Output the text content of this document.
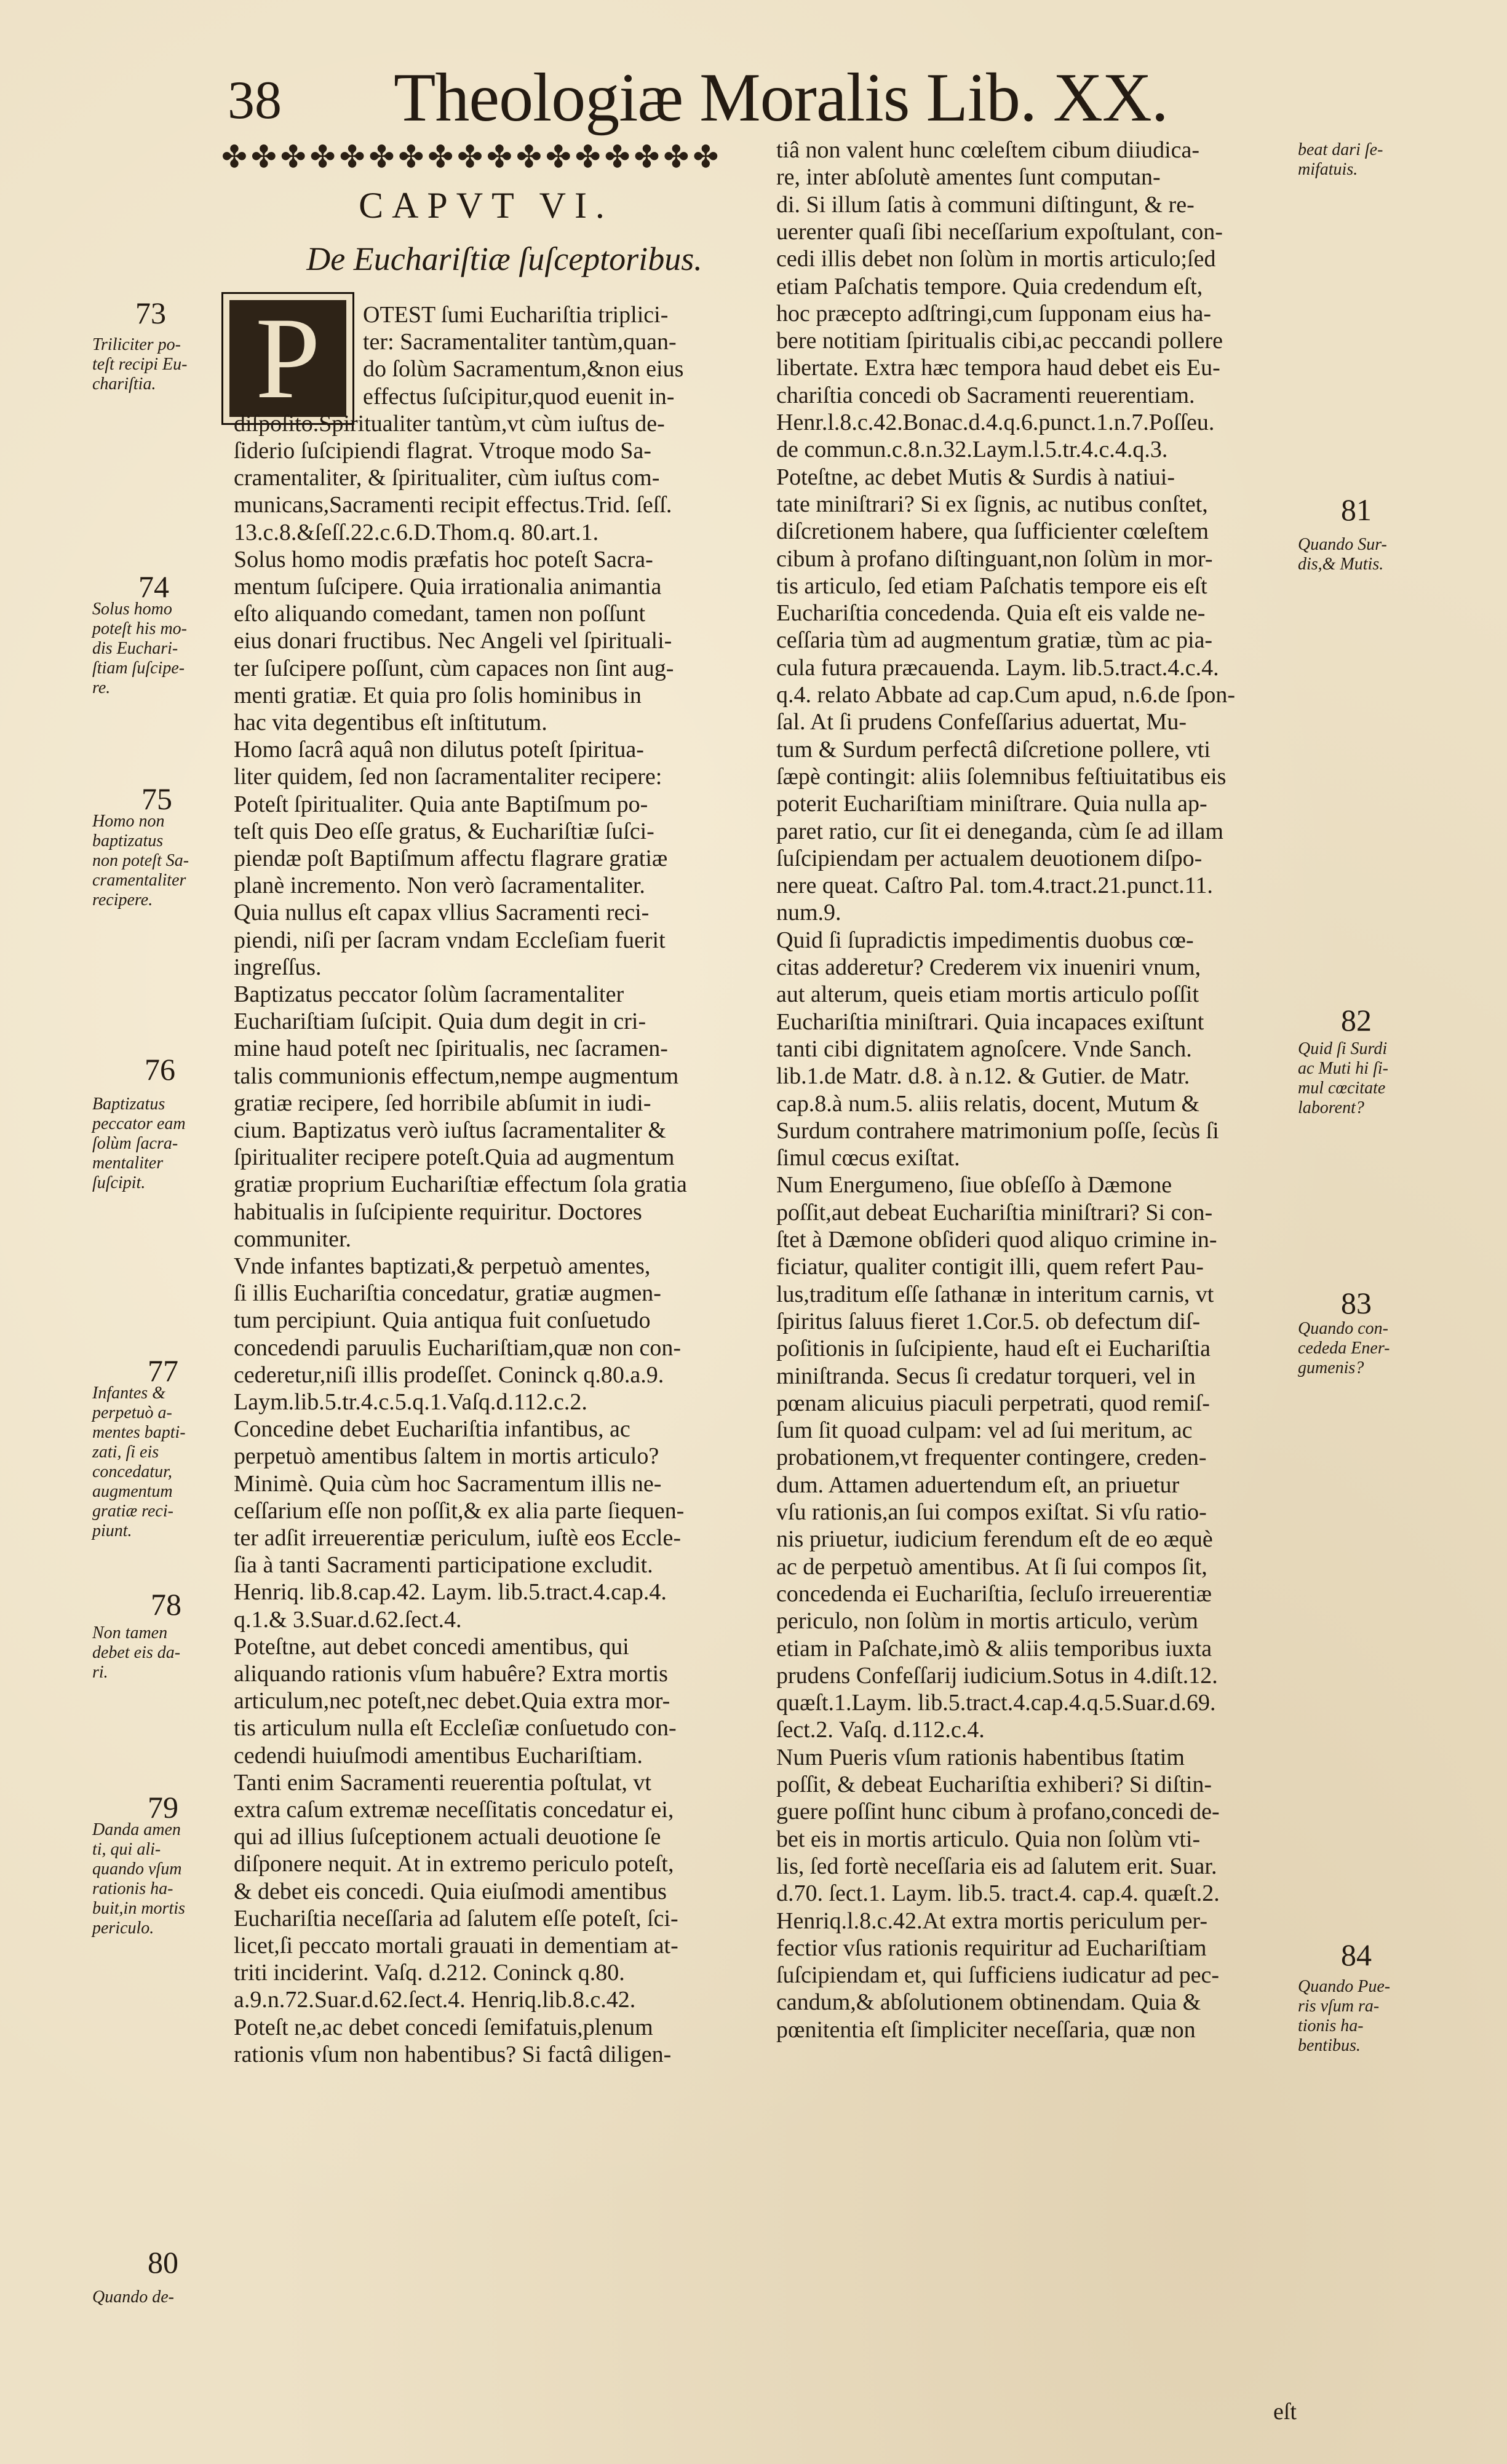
38 Theologiæ Moralis Lib. XX.
✤✤✤✤✤✤✤✤✤✤✤✤✤✤✤✤✤
CAPVT VI.
De Euchariſtiæ ſuſceptoribus.
P	OTEST ſumi Euchariſtia triplici-
ter: Sacramentaliter tantùm,quan-
do ſolùm Sacramentum,&non eius
effectus ſuſcipitur,quod euenit in-
diſpoſito.Spiritualiter tantùm,vt cùm iuſtus de-
ſiderio ſuſcipiendi flagrat. Vtroque modo Sa-
cramentaliter, & ſpiritualiter, cùm iuſtus com-
municans,Sacramenti recipit effectus.Trid. ſeſſ.
13.c.8.&ſeſſ.22.c.6.D.Thom.q. 80.art.1.
Solus homo modis præfatis hoc poteſt Sacra-
mentum ſuſcipere. Quia irrationalia animantia
eſto aliquando comedant, tamen non poſſunt
eius donari fructibus. Nec Angeli vel ſpirituali-
ter ſuſcipere poſſunt, cùm capaces non ſint aug-
menti gratiæ. Et quia pro ſolis hominibus in
hac vita degentibus eſt inſtitutum.
Homo ſacrâ aquâ non dilutus poteſt ſpiritua-
liter quidem, ſed non ſacramentaliter recipere:
Poteſt ſpiritualiter. Quia ante Baptiſmum po-
teſt quis Deo eſſe gratus, & Euchariſtiæ ſuſci-
piendæ poſt Baptiſmum affectu flagrare gratiæ
planè incremento. Non verò ſacramentaliter.
Quia nullus eſt capax vllius Sacramenti reci-
piendi, niſi per ſacram vndam Eccleſiam fuerit
ingreſſus.
Baptizatus peccator ſolùm ſacramentaliter
Euchariſtiam ſuſcipit. Quia dum degit in cri-
mine haud poteſt nec ſpiritualis, nec ſacramen-
talis communionis effectum,nempe augmentum
gratiæ recipere, ſed horribile abſumit in iudi-
cium. Baptizatus verò iuſtus ſacramentaliter &
ſpiritualiter recipere poteſt.Quia ad augmentum
gratiæ proprium Euchariſtiæ effectum ſola gratia
habitualis in ſuſcipiente requiritur. Doctores
communiter.
Vnde infantes baptizati,& perpetuò amentes,
ſi illis Euchariſtia concedatur, gratiæ augmen-
tum percipiunt. Quia antiqua fuit conſuetudo
concedendi paruulis Euchariſtiam,quæ non con-
cederetur,niſi illis prodeſſet. Coninck q.80.a.9.
Laym.lib.5.tr.4.c.5.q.1.Vaſq.d.112.c.2.
Concedine debet Euchariſtia infantibus, ac
perpetuò amentibus ſaltem in mortis articulo?
Minimè. Quia cùm hoc Sacramentum illis ne-
ceſſarium eſſe non poſſit,& ex alia parte ſiequen-
ter adſit irreuerentiæ periculum, iuſtè eos Eccle-
ſia à tanti Sacramenti participatione excludit.
Henriq. lib.8.cap.42. Laym. lib.5.tract.4.cap.4.
q.1.& 3.Suar.d.62.ſect.4.
Poteſtne, aut debet concedi amentibus, qui
aliquando rationis vſum habuêre? Extra mortis
articulum,nec poteſt,nec debet.Quia extra mor-
tis articulum nulla eſt Eccleſiæ conſuetudo con-
cedendi huiuſmodi amentibus Euchariſtiam.
Tanti enim Sacramenti reuerentia poſtulat, vt
extra caſum extremæ neceſſitatis concedatur ei,
qui ad illius ſuſceptionem actuali deuotione ſe
diſponere nequit. At in extremo periculo poteſt,
& debet eis concedi. Quia eiuſmodi amentibus
Euchariſtia neceſſaria ad ſalutem eſſe poteſt, ſci-
licet,ſi peccato mortali grauati in dementiam at-
triti inciderint. Vaſq. d.212. Coninck q.80.
a.9.n.72.Suar.d.62.ſect.4. Henriq.lib.8.c.42.
Poteſt ne,ac debet concedi ſemifatuis,plenum
rationis vſum non habentibus? Si factâ diligen-
tiâ non valent hunc cœleſtem cibum diiudica-
re, inter abſolutè amentes ſunt computan-
di. Si illum ſatis à communi diſtingunt, & re-
uerenter quaſi ſibi neceſſarium expoſtulant, con-
cedi illis debet non ſolùm in mortis articulo;ſed
etiam Paſchatis tempore. Quia credendum eſt,
hoc præcepto adſtringi,cum ſupponam eius ha-
bere notitiam ſpiritualis cibi,ac peccandi pollere
libertate. Extra hæc tempora haud debet eis Eu-
chariſtia concedi ob Sacramenti reuerentiam.
Henr.l.8.c.42.Bonac.d.4.q.6.punct.1.n.7.Poſſeu.
de commun.c.8.n.32.Laym.l.5.tr.4.c.4.q.3.
Poteſtne, ac debet Mutis & Surdis à natiui-
tate miniſtrari? Si ex ſignis, ac nutibus conſtet,
diſcretionem habere, qua ſufficienter cœleſtem
cibum à profano diſtinguant,non ſolùm in mor-
tis articulo, ſed etiam Paſchatis tempore eis eſt
Euchariſtia concedenda. Quia eſt eis valde ne-
ceſſaria tùm ad augmentum gratiæ, tùm ac pia-
cula futura præcauenda. Laym. lib.5.tract.4.c.4.
q.4. relato Abbate ad cap.Cum apud, n.6.de ſpon-
ſal. At ſi prudens Confeſſarius aduertat, Mu-
tum & Surdum perfectâ diſcretione pollere, vti
ſæpè contingit: aliis ſolemnibus feſtiuitatibus eis
poterit Euchariſtiam miniſtrare. Quia nulla ap-
paret ratio, cur ſit ei deneganda, cùm ſe ad illam
ſuſcipiendam per actualem deuotionem diſpo-
nere queat. Caſtro Pal. tom.4.tract.21.punct.11.
num.9.
Quid ſi ſupradictis impedimentis duobus cœ-
citas adderetur? Crederem vix inueniri vnum,
aut alterum, queis etiam mortis articulo poſſit
Euchariſtia miniſtrari. Quia incapaces exiſtunt
tanti cibi dignitatem agnoſcere. Vnde Sanch.
lib.1.de Matr. d.8. à n.12. & Gutier. de Matr.
cap.8.à num.5. aliis relatis, docent, Mutum &
Surdum contrahere matrimonium poſſe, ſecùs ſi
ſimul cœcus exiſtat.
Num Energumeno, ſiue obſeſſo à Dæmone
poſſit,aut debeat Euchariſtia miniſtrari? Si con-
ſtet à Dæmone obſideri quod aliquo crimine in-
ficiatur, qualiter contigit illi, quem refert Pau-
lus,traditum eſſe ſathanæ in interitum carnis, vt
ſpiritus ſaluus fieret 1.Cor.5. ob defectum diſ-
poſitionis in ſuſcipiente, haud eſt ei Euchariſtia
miniſtranda. Secus ſi credatur torqueri, vel in
pœnam alicuius piaculi perpetrati, quod remiſ-
ſum ſit quoad culpam: vel ad ſui meritum, ac
probationem,vt frequenter contingere, creden-
dum. Attamen aduertendum eſt, an priuetur
vſu rationis,an ſui compos exiſtat. Si vſu ratio-
nis priuetur, iudicium ferendum eſt de eo æquè
ac de perpetuò amentibus. At ſi ſui compos ſit,
concedenda ei Euchariſtia, ſecluſo irreuerentiæ
periculo, non ſolùm in mortis articulo, verùm
etiam in Paſchate,imò & aliis temporibus iuxta
prudens Confeſſarij iudicium.Sotus in 4.diſt.12.
quæſt.1.Laym. lib.5.tract.4.cap.4.q.5.Suar.d.69.
ſect.2. Vaſq. d.112.c.4.
Num Pueris vſum rationis habentibus ſtatim
poſſit, & debeat Euchariſtia exhiberi? Si diſtin-
guere poſſint hunc cibum à profano,concedi de-
bet eis in mortis articulo. Quia non ſolùm vti-
lis, ſed fortè neceſſaria eis ad ſalutem erit. Suar.
d.70. ſect.1. Laym. lib.5. tract.4. cap.4. quæſt.2.
Henriq.l.8.c.42.At extra mortis periculum per-
fectior vſus rationis requiritur ad Euchariſtiam
ſuſcipiendam et, qui ſufficiens iudicatur ad pec-
candum,& abſolutionem obtinendam. Quia &
pœnitentia eſt ſimpliciter neceſſaria, quæ non
73
74
75
76
77
78
79
80
81
82
83
84
Triliciter po-
teſt recipi Eu-
chariſtia.
Solus homo
poteſt his mo-
dis Euchari-
ſtiam ſuſcipe-
re.
Homo non
baptizatus
non poteſt Sa-
cramentaliter
recipere.
Baptizatus
peccator eam
ſolùm ſacra-
mentaliter
ſuſcipit.
Infantes &
perpetuò a-
mentes bapti-
zati, ſi eis
concedatur,
augmentum
gratiæ reci-
piunt.
Non tamen
debet eis da-
ri.
Danda amen
ti, qui ali-
quando vſum
rationis ha-
buit,in mortis
periculo.
Quando de-
beat dari ſe-
mifatuis.
Quando Sur-
dis,& Mutis.
Quid ſi Surdi
ac Muti hi ſi-
mul cœcitate
laborent?
Quando con-
cededa Ener-
gumenis?
Quando Pue-
ris vſum ra-
tionis ha-
bentibus.
eſt
